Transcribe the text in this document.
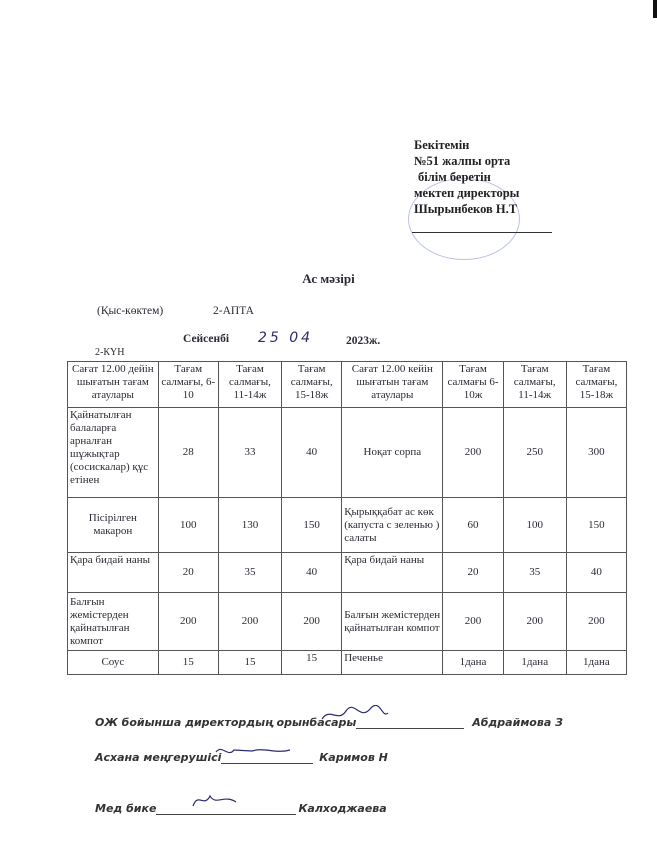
Бекітемін
№51 жалпы орта
білім беретін
мектеп директоры
Шырынбеков Н.Т
Ас мәзірі
(Қыс-көктем)	2-АПТА
Сейсенбі 25 04	2023ж.
2-КҮН
Сағат 12.00 дейін шығатын тағам атаулары	Тағам салмағы, 6-10	Тағам салмағы, 11-14ж	Тағам салмағы, 15-18ж	Сағат 12.00 кейін шығатын тағам атаулары	Тағам салмағы 6-10ж	Тағам салмағы, 11-14ж	Тағам салмағы, 15-18ж
Қайнатылған балаларға арналған шұжықтар (сосискалар) құс етінен	28	33	40	Ноқат сорпа	200	250	300
Пісірілген макарон	100	130	150	Қырыққабат ас көк (капуста с зеленью ) салаты	60	100	150
Қара бидай наны	20	35	40	Қара бидай наны	20	35	40
Балғын жемістерден қайнатылған компот	200	200	200	Балғын жемістерден қайнатылған компот	200	200	200
Соус	15	15	15	Печенье	1дана	1дана	1дана
ОЖ бойынша директордың орынбасары	Абдраймова З
Асхана меңгерушісі	Каримов Н
Мед бике	Калходжаева
